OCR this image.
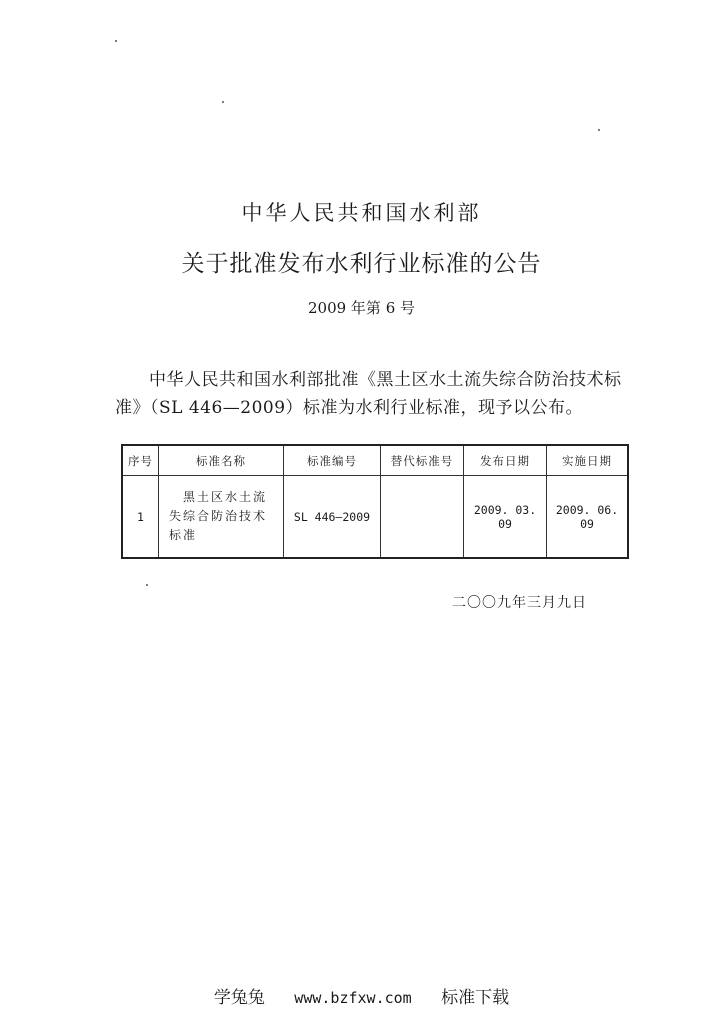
中华人民共和国水利部
关于批准发布水利行业标准的公告
2009 年第 6 号
中华人民共和国水利部批准《黑土区水土流失综合防治技术标准》（SL 446—2009）标准为水利行业标准，现予以公布。
序号	标准名称	标准编号	替代标准号	发布日期	实施日期
1	黑土区水土流
失综合防治技术
标准	SL 446—2009		2009. 03. 09	2009. 06. 09
二〇〇九年三月九日
学兔兔 www.bzfxw.com 标准下载
